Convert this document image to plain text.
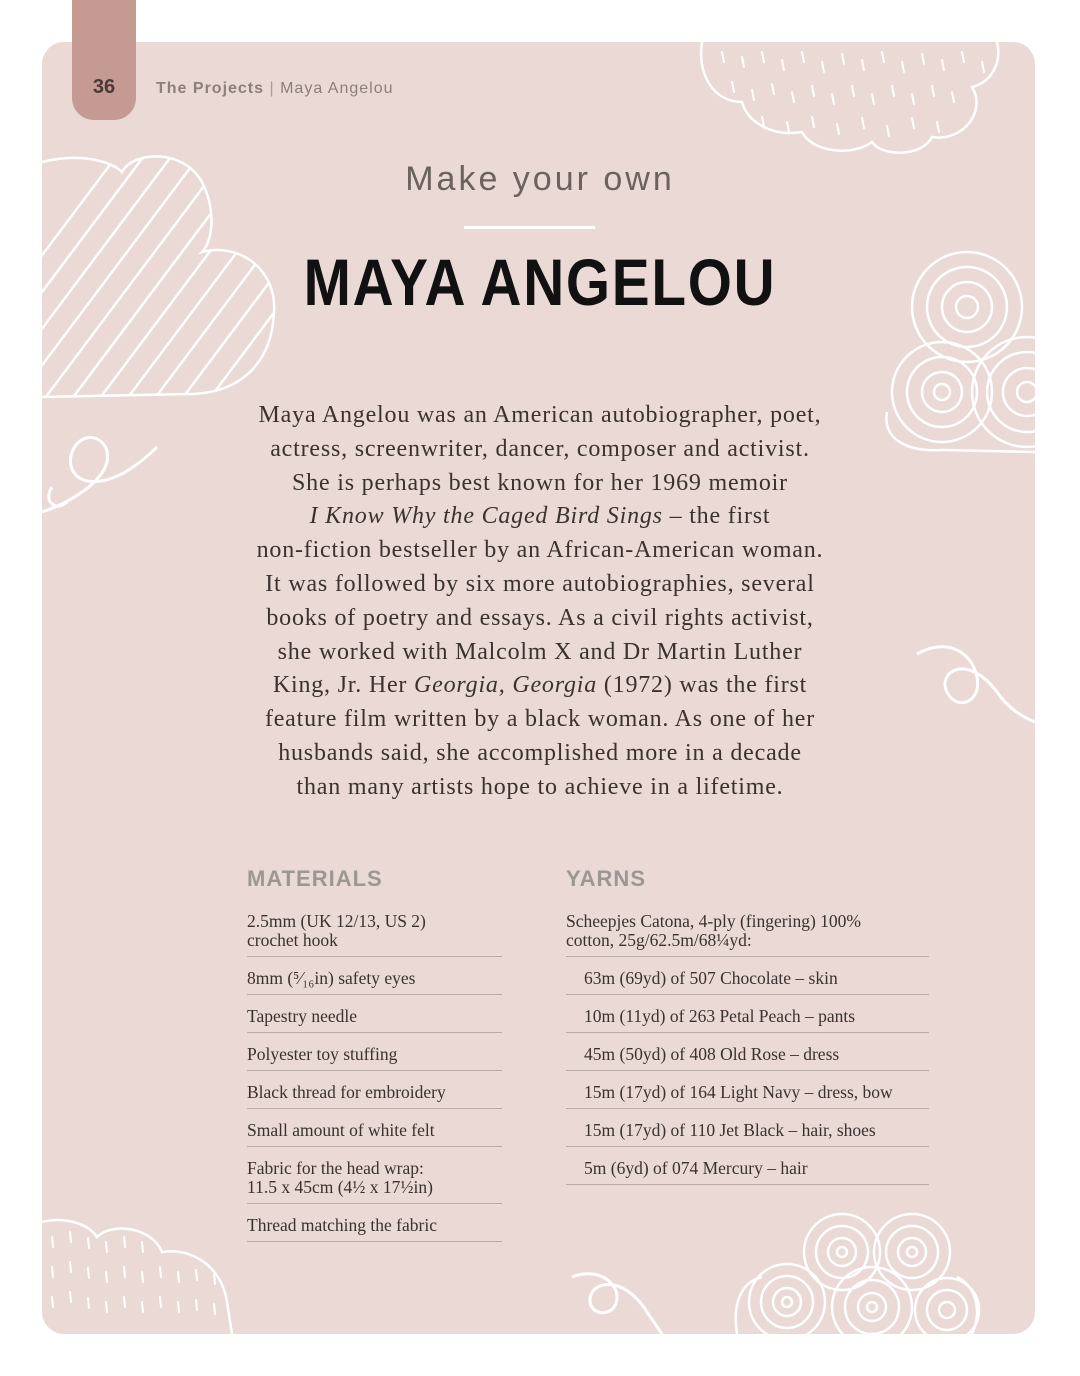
36	The Projects | Maya Angelou
Make your own
MAYA ANGELOU
Maya Angelou was an American autobiographer, poet,
actress, screenwriter, dancer, composer and activist.
She is perhaps best known for her 1969 memoir
I Know Why the Caged Bird Sings – the first
non-fiction bestseller by an African-American woman.
It was followed by six more autobiographies, several
books of poetry and essays. As a civil rights activist,
she worked with Malcolm X and Dr Martin Luther
King, Jr. Her Georgia, Georgia (1972) was the first
feature film written by a black woman. As one of her
husbands said, she accomplished more in a decade
than many artists hope to achieve in a lifetime.
MATERIALS
2.5mm (UK 12/13, US 2)
crochet hook
8mm (⁵⁄₁₆in) safety eyes
Tapestry needle
Polyester toy stuffing
Black thread for embroidery
Small amount of white felt
Fabric for the head wrap:
11.5 x 45cm (4½ x 17½in)
Thread matching the fabric
YARNS
Scheepjes Catona, 4-ply (fingering) 100%
cotton, 25g/62.5m/68¼yd:
63m (69yd) of 507 Chocolate – skin
10m (11yd) of 263 Petal Peach – pants
45m (50yd) of 408 Old Rose – dress
15m (17yd) of 164 Light Navy – dress, bow
15m (17yd) of 110 Jet Black – hair, shoes
5m (6yd) of 074 Mercury – hair
